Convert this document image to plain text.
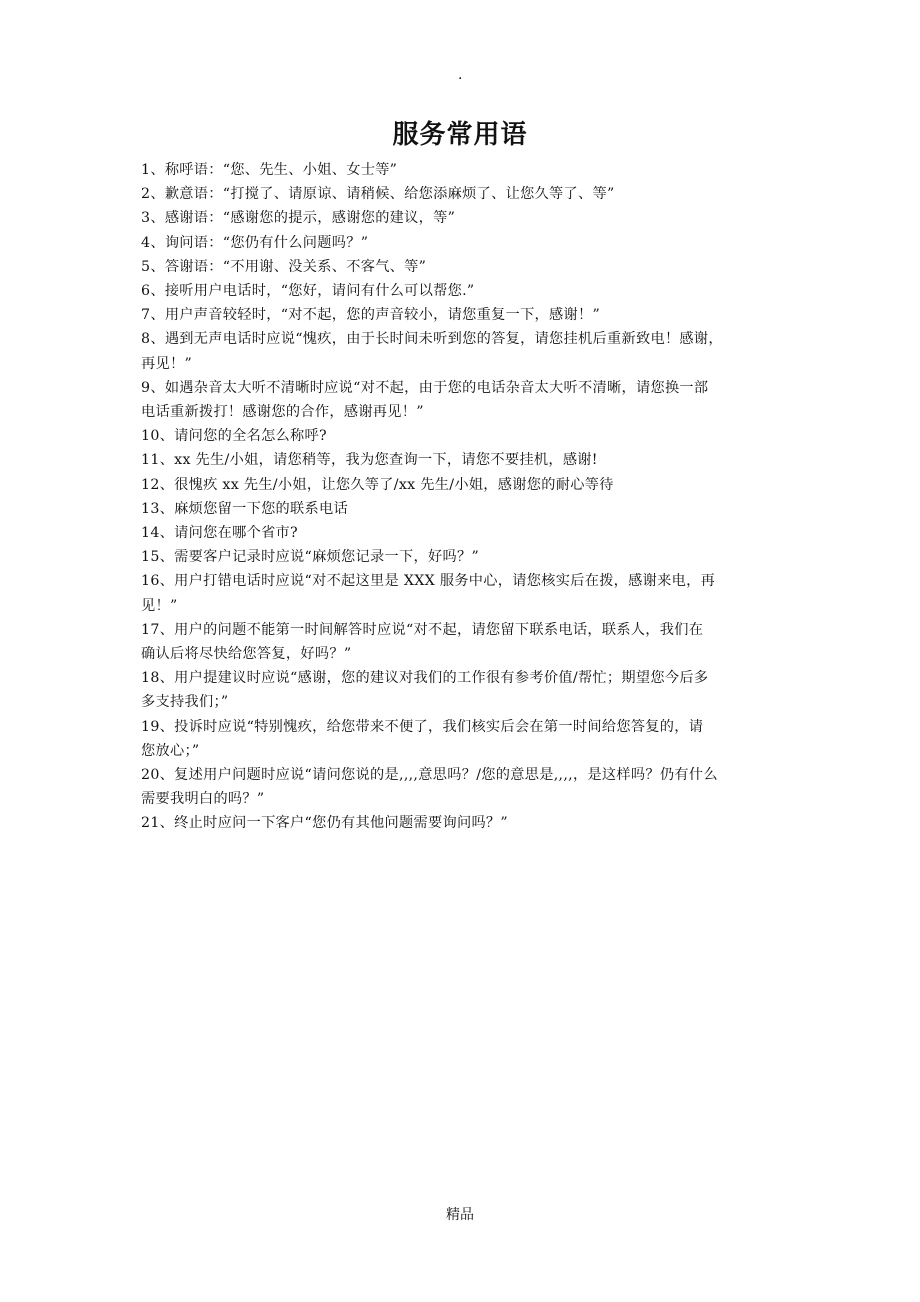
·
服务常用语
1、称呼语：“您、先生、小姐、女士等”
2、歉意语：“打搅了、请原谅、请稍候、给您添麻烦了、让您久等了、等”
3、感谢语：“感谢您的提示，感谢您的建议，等”
4、询问语：“您仍有什么问题吗？”
5、答谢语：“不用谢、没关系、不客气、等”
6、接听用户电话时，“您好，请问有什么可以帮您.”
7、用户声音较轻时，“对不起，您的声音较小，请您重复一下，感谢！”
8、遇到无声电话时应说“愧疚，由于长时间未听到您的答复，请您挂机后重新致电！感谢，
再见！”
9、如遇杂音太大听不清晰时应说“对不起，由于您的电话杂音太大听不清晰，请您换一部
电话重新拨打！感谢您的合作，感谢再见！”
10、请问您的全名怎么称呼?
11、xx 先生/小姐，请您稍等，我为您查询一下，请您不要挂机，感谢!
12、很愧疚 xx 先生/小姐，让您久等了/xx 先生/小姐，感谢您的耐心等待
13、麻烦您留一下您的联系电话
14、请问您在哪个省市?
15、需要客户记录时应说“麻烦您记录一下，好吗？”
16、用户打错电话时应说“对不起这里是 XXX 服务中心，请您核实后在拨，感谢来电，再
见！”
17、用户的问题不能第一时间解答时应说“对不起，请您留下联系电话，联系人，我们在
确认后将尽快给您答复，好吗？”
18、用户提建议时应说“感谢，您的建议对我们的工作很有参考价值/帮忙；期望您今后多
多支持我们；”
19、投诉时应说“特别愧疚，给您带来不便了，我们核实后会在第一时间给您答复的，请
您放心；”
20、复述用户问题时应说“请问您说的是,,,,意思吗？/您的意思是,,,,，是这样吗？仍有什么
需要我明白的吗？”
21、终止时应问一下客户“您仍有其他问题需要询问吗？”
精品
